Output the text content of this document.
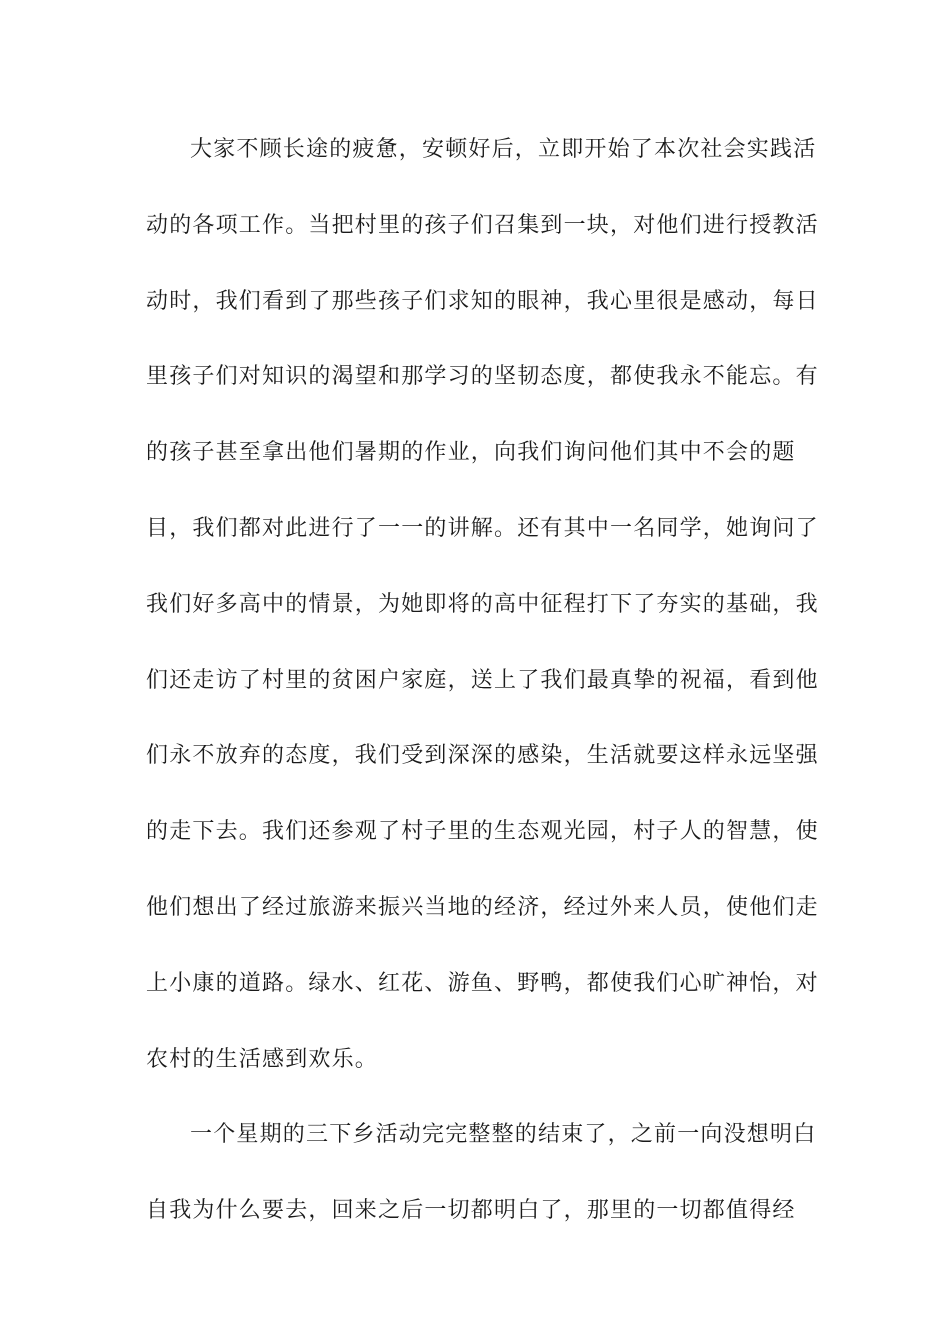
大家不顾长途的疲惫，安顿好后，立即开始了本次社会实践活
动的各项工作。当把村里的孩子们召集到一块，对他们进行授教活
动时，我们看到了那些孩子们求知的眼神，我心里很是感动，每日
里孩子们对知识的渴望和那学习的坚韧态度，都使我永不能忘。有
的孩子甚至拿出他们暑期的作业，向我们询问他们其中不会的题
目，我们都对此进行了一一的讲解。还有其中一名同学，她询问了
我们好多高中的情景，为她即将的高中征程打下了夯实的基础，我
们还走访了村里的贫困户家庭，送上了我们最真挚的祝福，看到他
们永不放弃的态度，我们受到深深的感染，生活就要这样永远坚强
的走下去。我们还参观了村子里的生态观光园，村子人的智慧，使
他们想出了经过旅游来振兴当地的经济，经过外来人员，使他们走
上小康的道路。绿水、红花、游鱼、野鸭，都使我们心旷神怡，对
农村的生活感到欢乐。
一个星期的三下乡活动完完整整的结束了，之前一向没想明白
自我为什么要去，回来之后一切都明白了，那里的一切都值得经
